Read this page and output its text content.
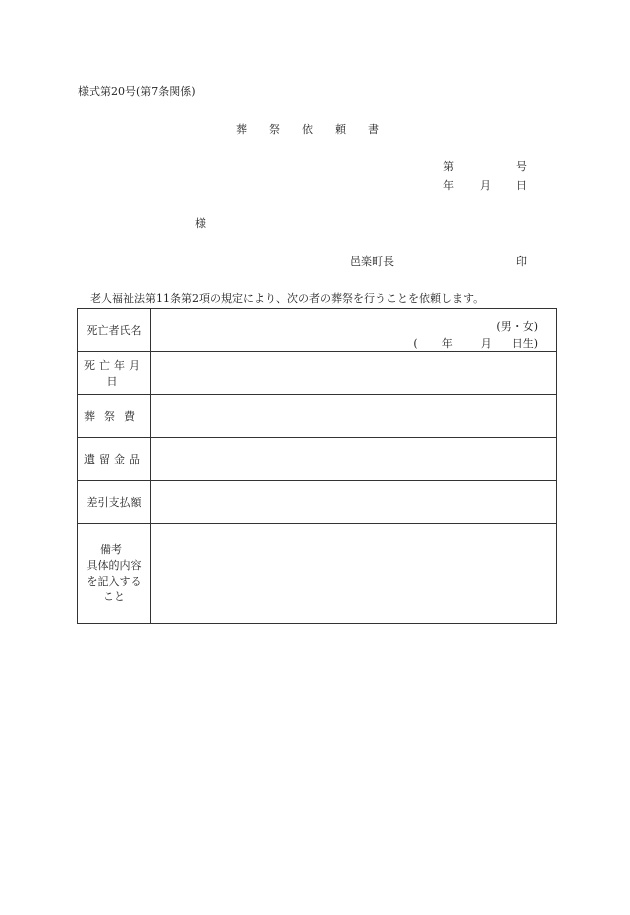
様式第20号(第7条関係)
葬 祭 依 頼 書
第	号
年 月 日
様
邑楽町長	印
老人福祉法第11条第2項の規定により、次の者の葬祭を行うことを依頼します。
死亡者氏名	(男・女)
( 年 月 日生)

死亡年月日	
葬祭費	
遺留金品	
差引支払額	

備考
具体的内容
を記入する
こと	
